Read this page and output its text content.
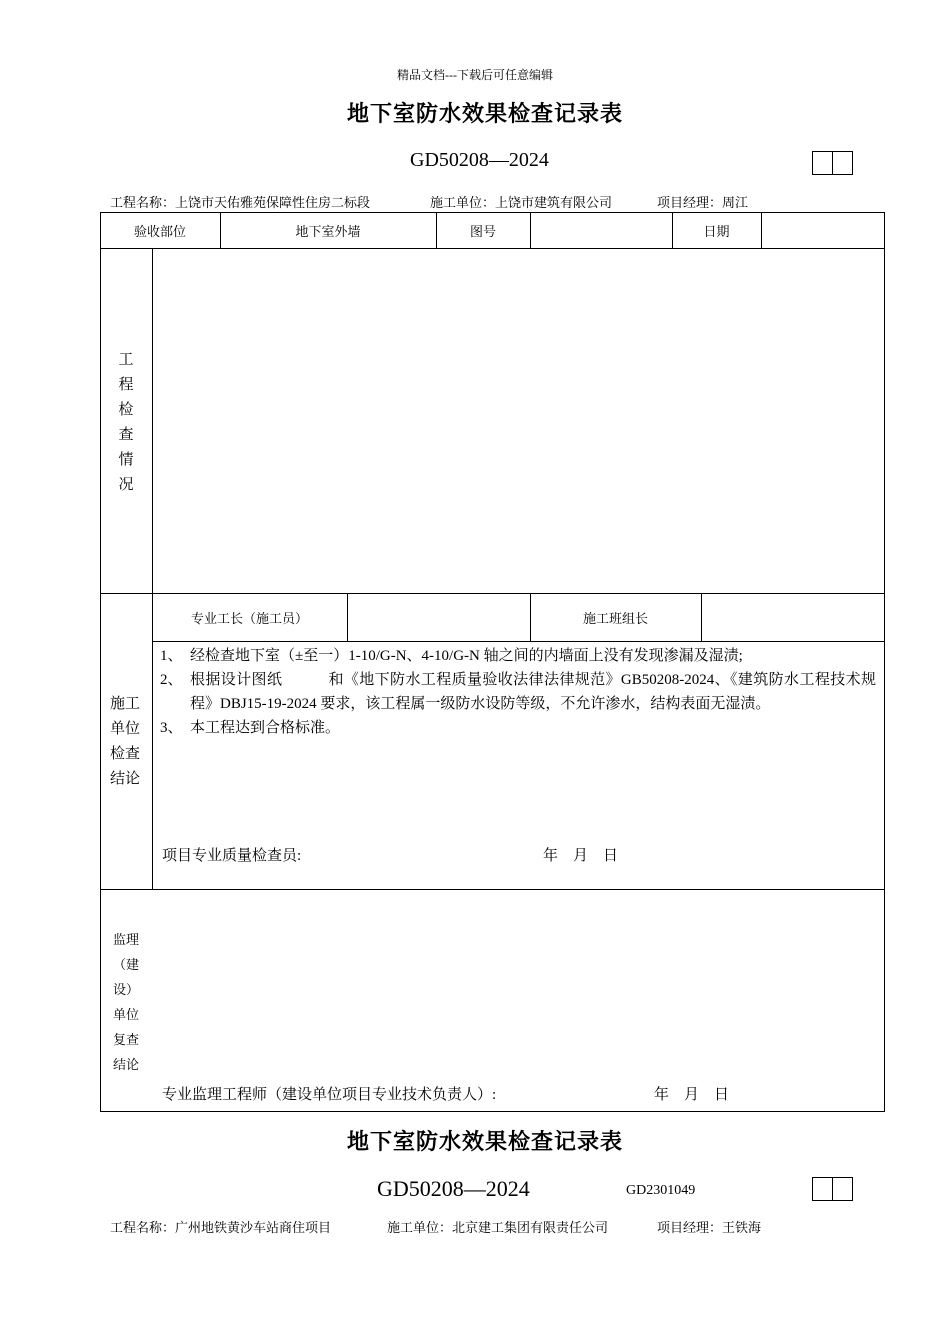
精品文档---下载后可任意编辑
地下室防水效果检查记录表
GD50208—2024
工程名称：上饶市天佑雅苑保障性住房二标段	施工单位：上饶市建筑有限公司	项目经理：周江
验收部位	地下室外墙	图号	日期
工
程
检
查
情
况
施工
单位
检查
结论
专业工长（施工员）	施工班组长

1、 经检查地下室（±至一）1-10/G-N、4-10/G-N 轴之间的内墙面上没有发现渗漏及湿渍;

2、 根据设计图纸　　　和《地下防水工程质量验收法律法律规范》GB50208-2024、《建筑防水工程技术规程》DBJ15-19-2024 要求，该工程属一级防水设防等级，不允许渗水，结构表面无湿渍。

3、 本工程达到合格标准。

项目专业质量检查员:	年　月　日
监理
（建
设）
单位
复查
结论
专业监理工程师（建设单位项目专业技术负责人）:	年　月　日
地下室防水效果检查记录表
GD50208—2024	GD2301049
工程名称：广州地铁黄沙车站商住项目	施工单位：北京建工集团有限责任公司	项目经理：王铁海
